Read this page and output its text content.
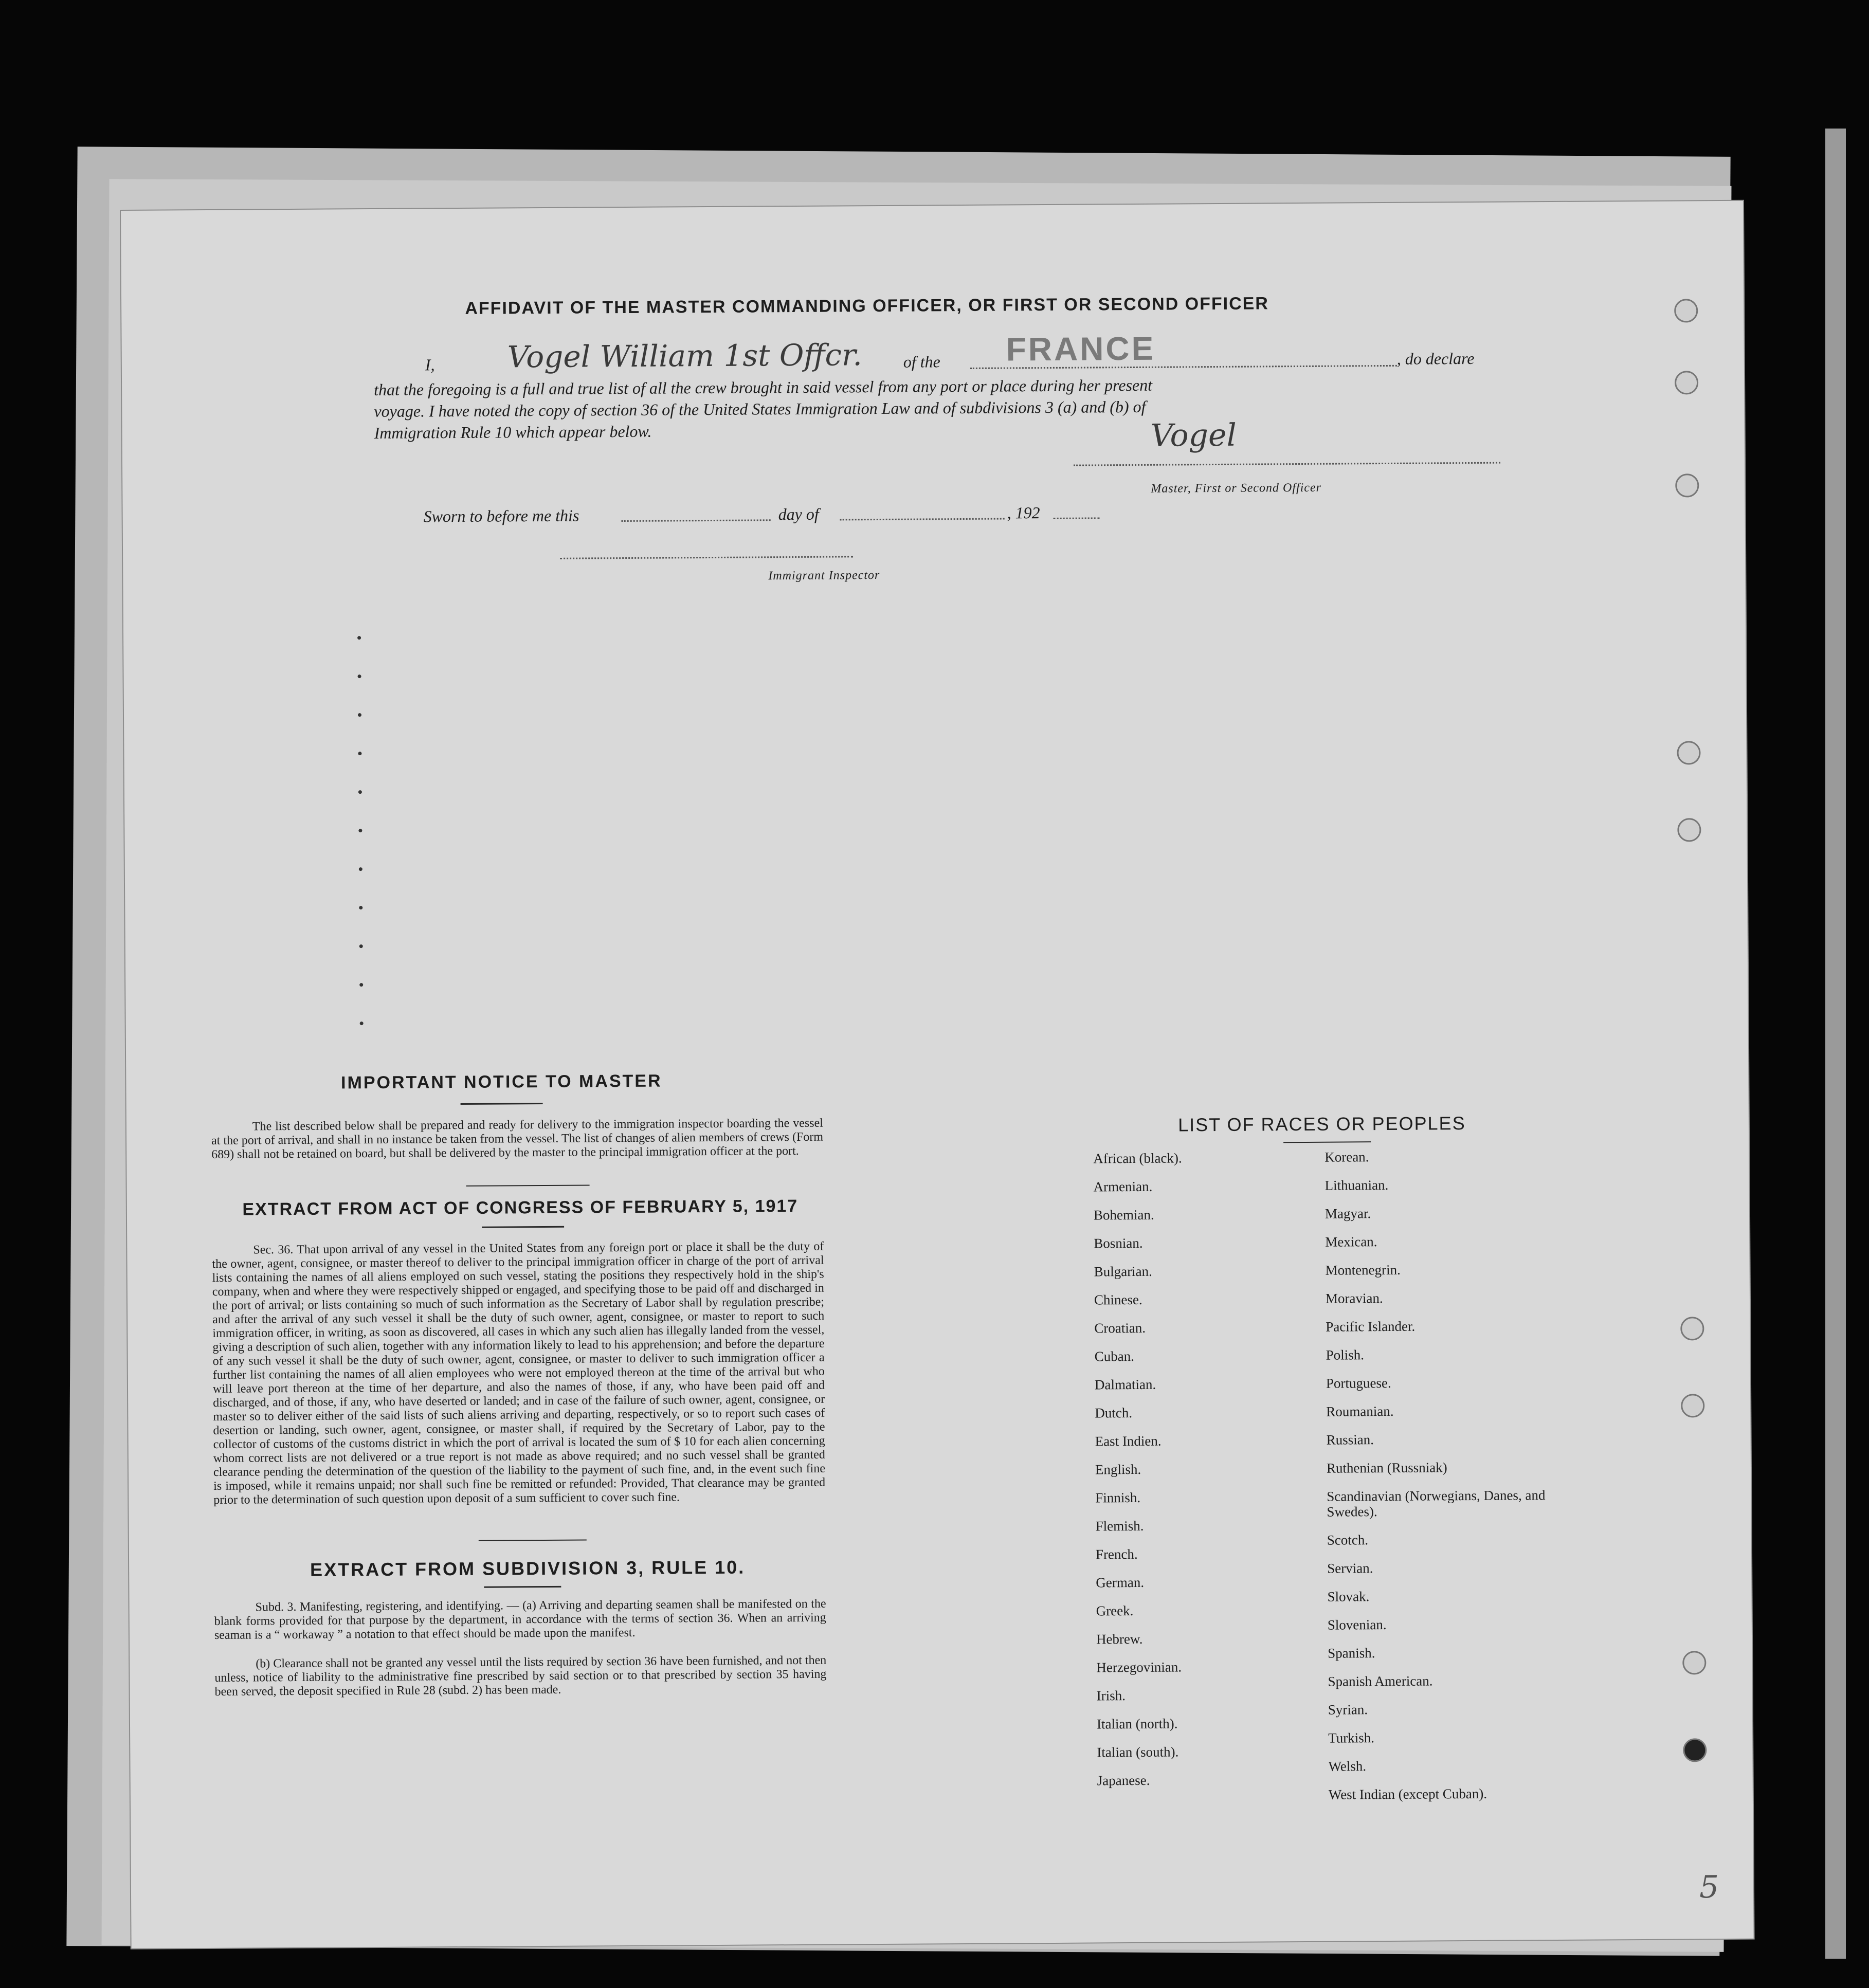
AFFIDAVIT OF THE MASTER COMMANDING OFFICER, OR FIRST OR SECOND OFFICER
I, Vogel William 1st Offcr. of the FRANCE	, do declare
that the foregoing is a full and true list of all the crew brought in said vessel from any port or place during her present
voyage. I have noted the copy of section 36 of the United States Immigration Law and of subdivisions 3 (a) and (b) of
Immigration Rule 10 which appear below.	Vogel
Master, First or Second Officer
Sworn to before me this	day of	, 192
Immigrant Inspector
IMPORTANT NOTICE TO MASTER
The list described below shall be prepared and ready for delivery to the immigration inspector boarding the vessel at the port of arrival, and shall in no instance be taken from the vessel. The list of changes of alien members of crews (Form 689) shall not be retained on board, but shall be delivered by the master to the principal immigration officer at the port.
EXTRACT FROM ACT OF CONGRESS OF FEBRUARY 5, 1917
Sec. 36. That upon arrival of any vessel in the United States from any foreign port or place it shall be the duty of the owner, agent, consignee, or master thereof to deliver to the principal immigration officer in charge of the port of arrival lists containing the names of all aliens employed on such vessel, stating the positions they respectively hold in the ship's company, when and where they were respectively shipped or engaged, and specifying those to be paid off and discharged in the port of arrival; or lists containing so much of such information as the Secretary of Labor shall by regulation prescribe; and after the arrival of any such vessel it shall be the duty of such owner, agent, consignee, or master to report to such immigration officer, in writing, as soon as discovered, all cases in which any such alien has illegally landed from the vessel, giving a description of such alien, together with any information likely to lead to his apprehension; and before the departure of any such vessel it shall be the duty of such owner, agent, consignee, or master to deliver to such immigration officer a further list containing the names of all alien employees who were not employed thereon at the time of the arrival but who will leave port thereon at the time of her departure, and also the names of those, if any, who have been paid off and discharged, and of those, if any, who have deserted or landed; and in case of the failure of such owner, agent, consignee, or master so to deliver either of the said lists of such aliens arriving and departing, respectively, or so to report such cases of desertion or landing, such owner, agent, consignee, or master shall, if required by the Secretary of Labor, pay to the collector of customs of the customs district in which the port of arrival is located the sum of $ 10 for each alien concerning whom correct lists are not delivered or a true report is not made as above required; and no such vessel shall be granted clearance pending the determination of the question of the liability to the payment of such fine, and, in the event such fine is imposed, while it remains unpaid; nor shall such fine be remitted or refunded: Provided, That clearance may be granted prior to the determination of such question upon deposit of a sum sufficient to cover such fine.
EXTRACT FROM SUBDIVISION 3, RULE 10.
Subd. 3. Manifesting, registering, and identifying. — (a) Arriving and departing seamen shall be manifested on the blank forms provided for that purpose by the department, in accordance with the terms of section 36. When an arriving seaman is a “ workaway ” a notation to that effect should be made upon the manifest.
(b) Clearance shall not be granted any vessel until the lists required by section 36 have been furnished, and not then unless, notice of liability to the administrative fine prescribed by said section or to that prescribed by section 35 having been served, the deposit specified in Rule 28 (subd. 2) has been made.
LIST OF RACES OR PEOPLES
African (black).
Armenian.
Bohemian.
Bosnian.
Bulgarian.
Chinese.
Croatian.
Cuban.
Dalmatian.
Dutch.
East Indien.
English.
Finnish.
Flemish.
French.
German.
Greek.
Hebrew.
Herzegovinian.
Irish.
Italian (north).
Italian (south).
Japanese.
Korean.
Lithuanian.
Magyar.
Mexican.
Montenegrin.
Moravian.
Pacific Islander.
Polish.
Portuguese.
Roumanian.
Russian.
Ruthenian (Russniak)
Scandinavian (Norwegians, Danes, and Swedes).
Scotch.
Servian.
Slovak.
Slovenian.
Spanish.
Spanish American.
Syrian.
Turkish.
Welsh.
West Indian (except Cuban).
5
